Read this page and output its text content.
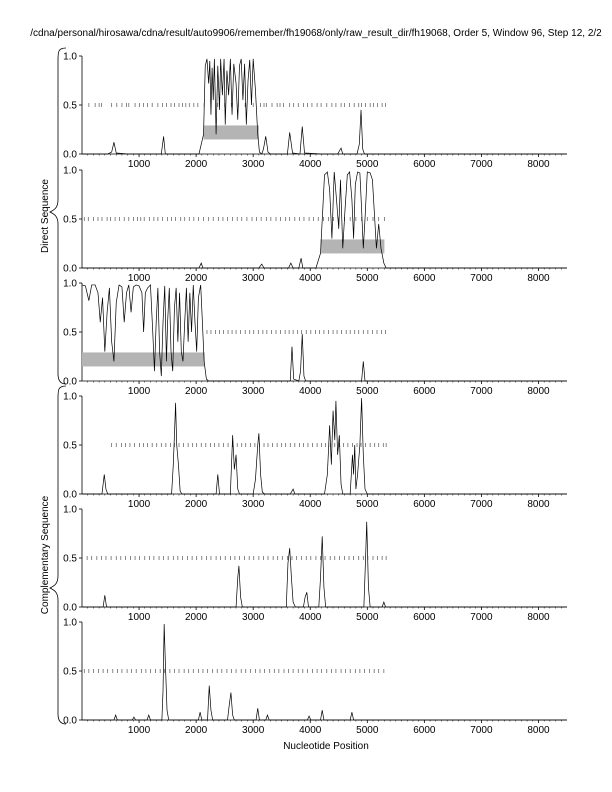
/cdna/personal/hirosawa/cdna/result/auto9906/remember/fh19068/only/raw_result_dir/fh19068, Order 5, Window 96, Step 12, 2/2
Direct Sequence
Complementary Sequence
0.0
0.5
1.0
1000	2000	3000	4000	5000	6000	7000	8000
0.0
0.5
1.0
1000	2000	3000	4000	5000	6000	7000	8000
0.0
0.5
1.0
1000	2000	3000	4000	5000	6000	7000	8000
0.0
0.5
1.0
1000	2000	3000	4000	5000	6000	7000	8000
0.0
0.5
1.0
1000	2000	3000	4000	5000	6000	7000	8000
0.0
0.5
1.0
1000	2000	3000	4000	5000	6000	7000	8000
Nucleotide Position
